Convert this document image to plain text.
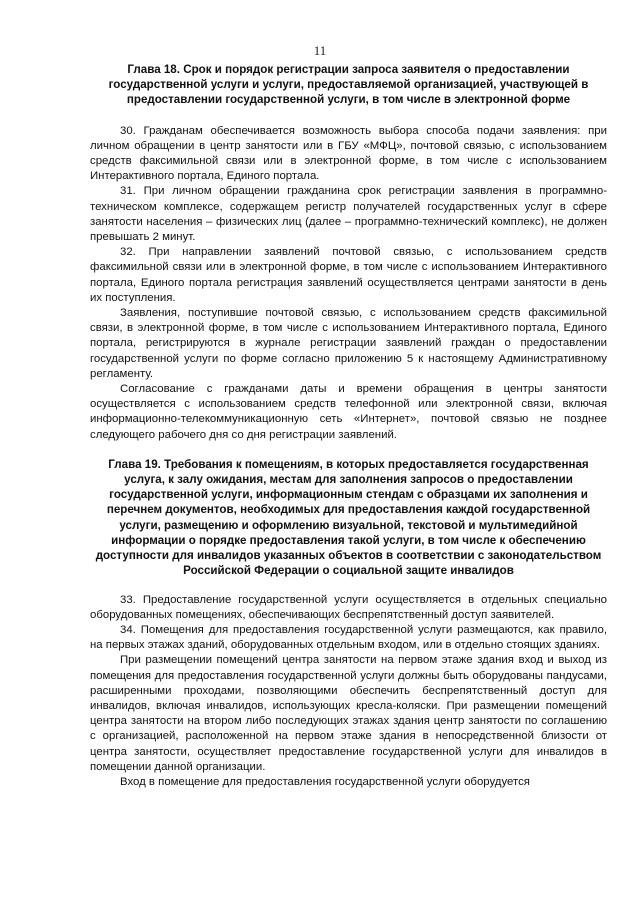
11

Глава 18. Срок и порядок регистрации запроса заявителя о предоставлении государственной услуги и услуги, предоставляемой организацией, участвующей в предоставлении государственной услуги, в том числе в электронной форме

30. Гражданам обеспечивается возможность выбора способа подачи заявления: при личном обращении в центр занятости или в ГБУ «МФЦ», почтовой связью, с использованием средств факсимильной связи или в электронной форме, в том числе с использованием Интерактивного портала, Единого портала.

31. При личном обращении гражданина срок регистрации заявления в программно-техническом комплексе, содержащем регистр получателей государственных услуг в сфере занятости населения – физических лиц (далее – программно-технический комплекс), не должен превышать 2 минут.

32. При направлении заявлений почтовой связью, с использованием средств факсимильной связи или в электронной форме, в том числе с использованием Интерактивного портала, Единого портала регистрация заявлений осуществляется центрами занятости в день их поступления.

Заявления, поступившие почтовой связью, с использованием средств факсимильной связи, в электронной форме, в том числе с использованием Интерактивного портала, Единого портала, регистрируются в журнале регистрации заявлений граждан о предоставлении государственной услуги по форме согласно приложению 5 к настоящему Административному регламенту.

Согласование с гражданами даты и времени обращения в центры занятости осуществляется с использованием средств телефонной или электронной связи, включая информационно-телекоммуникационную сеть «Интернет», почтовой связью не позднее следующего рабочего дня со дня регистрации заявлений.

Глава 19. Требования к помещениям, в которых предоставляется государственная услуга, к залу ожидания, местам для заполнения запросов о предоставлении государственной услуги, информационным стендам с образцами их заполнения и перечнем документов, необходимых для предоставления каждой государственной услуги, размещению и оформлению визуальной, текстовой и мультимедийной информации о порядке предоставления такой услуги, в том числе к обеспечению доступности для инвалидов указанных объектов в соответствии с законодательством Российской Федерации о социальной защите инвалидов

33. Предоставление государственной услуги осуществляется в отдельных специально оборудованных помещениях, обеспечивающих беспрепятственный доступ заявителей.

34. Помещения для предоставления государственной услуги размещаются, как правило, на первых этажах зданий, оборудованных отдельным входом, или в отдельно стоящих зданиях.

При размещении помещений центра занятости на первом этаже здания вход и выход из помещения для предоставления государственной услуги должны быть оборудованы пандусами, расширенными проходами, позволяющими обеспечить беспрепятственный доступ для инвалидов, включая инвалидов, использующих кресла-коляски. При размещении помещений центра занятости на втором либо последующих этажах здания центр занятости по соглашению с организацией, расположенной на первом этаже здания в непосредственной близости от центра занятости, осуществляет предоставление государственной услуги для инвалидов в помещении данной организации.

Вход в помещение для предоставления государственной услуги оборудуется
